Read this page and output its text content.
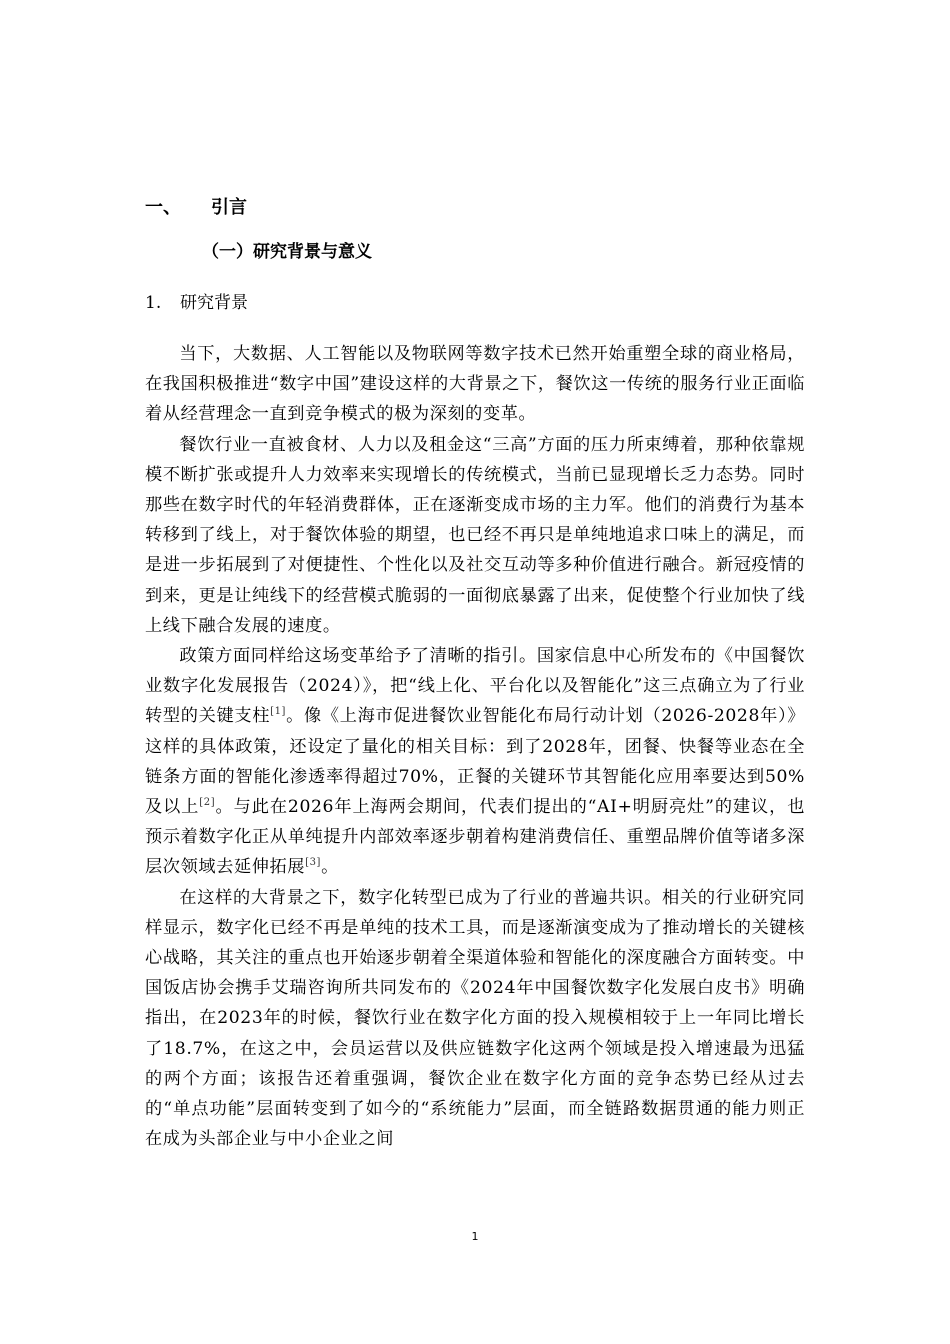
一、 引言
（一）研究背景与意义
1. 研究背景

当下，大数据、人工智能以及物联网等数字技术已然开始重塑全球的商业格局，在我国积极推进“数字中国”建设这样的大背景之下，餐饮这一传统的服务行业正面临着从经营理念一直到竞争模式的极为深刻的变革。

餐饮行业一直被食材、人力以及租金这“三高”方面的压力所束缚着，那种依靠规模不断扩张或提升人力效率来实现增长的传统模式，当前已显现增长乏力态势。同时那些在数字时代的年轻消费群体，正在逐渐变成市场的主力军。他们的消费行为基本转移到了线上，对于餐饮体验的期望，也已经不再只是单纯地追求口味上的满足，而是进一步拓展到了对便捷性、个性化以及社交互动等多种价值进行融合。新冠疫情的到来，更是让纯线下的经营模式脆弱的一面彻底暴露了出来，促使整个行业加快了线上线下融合发展的速度。

政策方面同样给这场变革给予了清晰的指引。国家信息中心所发布的《中国餐饮业数字化发展报告（2024）》，把“线上化、平台化以及智能化”这三点确立为了行业转型的关键支柱[1]。像《上海市促进餐饮业智能化布局行动计划（2026-2028年）》这样的具体政策，还设定了量化的相关目标：到了2028年，团餐、快餐等业态在全链条方面的智能化渗透率得超过70%，正餐的关键环节其智能化应用率要达到50%及以上[2]。与此在2026年上海两会期间，代表们提出的“AI+明厨亮灶”的建议，也预示着数字化正从单纯提升内部效率逐步朝着构建消费信任、重塑品牌价值等诸多深层次领域去延伸拓展[3]。

在这样的大背景之下，数字化转型已成为了行业的普遍共识。相关的行业研究同样显示，数字化已经不再是单纯的技术工具，而是逐渐演变成为了推动增长的关键核心战略，其关注的重点也开始逐步朝着全渠道体验和智能化的深度融合方面转变。中国饭店协会携手艾瑞咨询所共同发布的《2024年中国餐饮数字化发展白皮书》明确指出，在2023年的时候，餐饮行业在数字化方面的投入规模相较于上一年同比增长了18.7%，在这之中，会员运营以及供应链数字化这两个领域是投入增速最为迅猛的两个方面；该报告还着重强调，餐饮企业在数字化方面的竞争态势已经从过去的“单点功能”层面转变到了如今的“系统能力”层面，而全链路数据贯通的能力则正在成为头部企业与中小企业之间

1
